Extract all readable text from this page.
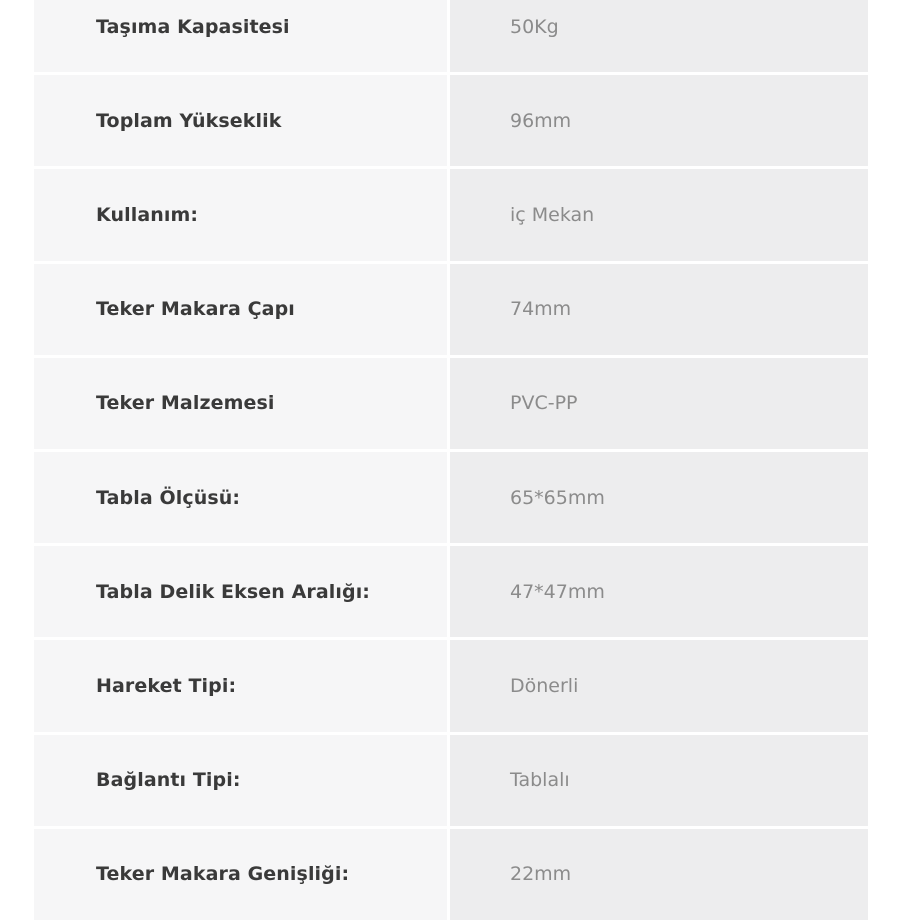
Taşıma Kapasitesi	50Kg
Toplam Yükseklik	96mm
Kullanım:	iç Mekan
Teker Makara Çapı	74mm
Teker Malzemesi	PVC-PP
Tabla Ölçüsü:	65*65mm
Tabla Delik Eksen Aralığı:	47*47mm
Hareket Tipi:	Dönerli
Bağlantı Tipi:	Tablalı
Teker Makara Genişliği:	22mm
